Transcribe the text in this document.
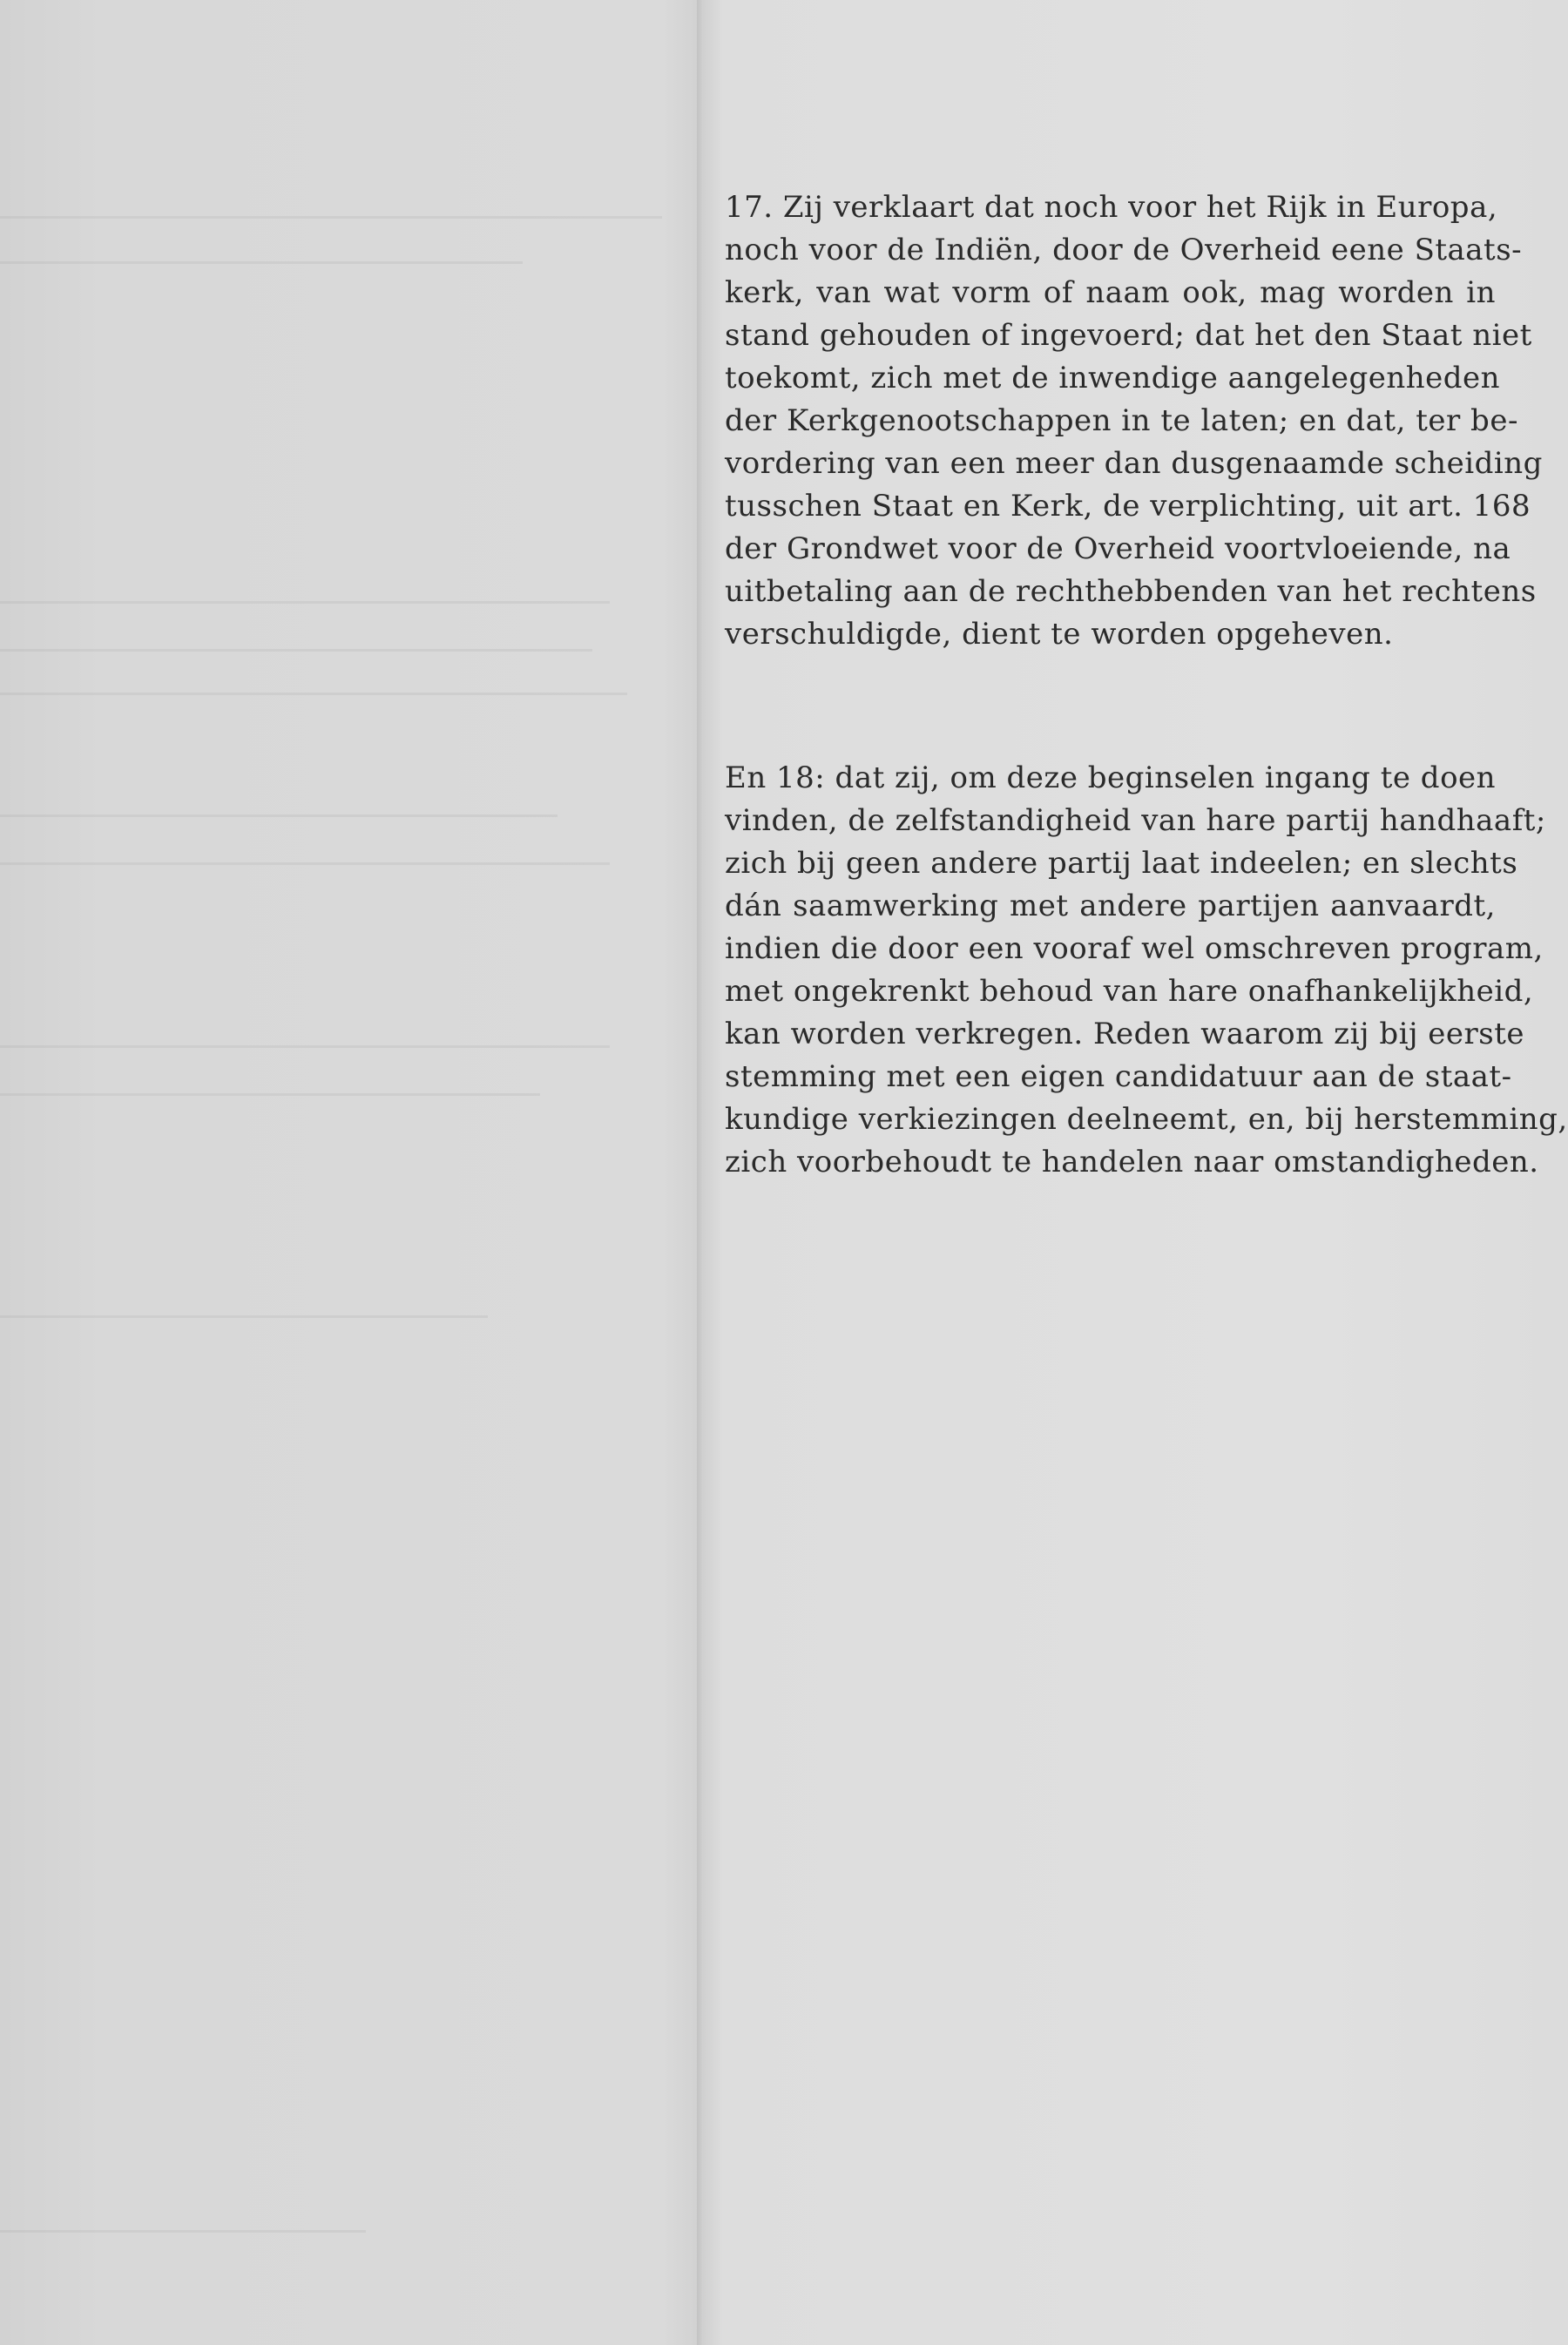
17. Zij verklaart dat noch voor het Rijk in Europa,
noch voor de Indiën, door de Overheid eene Staats-
kerk, van wat vorm of naam ook, mag worden in
stand gehouden of ingevoerd; dat het den Staat niet
toekomt, zich met de inwendige aangelegenheden
der Kerkgenootschappen in te laten; en dat, ter be-
vordering van een meer dan dusgenaamde scheiding
tusschen Staat en Kerk, de verplichting, uit art. 168
der Grondwet voor de Overheid voortvloeiende, na
uitbetaling aan de rechthebbenden van het rechtens
verschuldigde, dient te worden opgeheven.

En 18: dat zij, om deze beginselen ingang te doen
vinden, de zelfstandigheid van hare partij handhaaft;
zich bij geen andere partij laat indeelen; en slechts
dán saamwerking met andere partijen aanvaardt,
indien die door een vooraf wel omschreven program,
met ongekrenkt behoud van hare onafhankelijkheid,
kan worden verkregen. Reden waarom zij bij eerste
stemming met een eigen candidatuur aan de staat-
kundige verkiezingen deelneemt, en, bij herstemming,
zich voorbehoudt te handelen naar omstandigheden.
